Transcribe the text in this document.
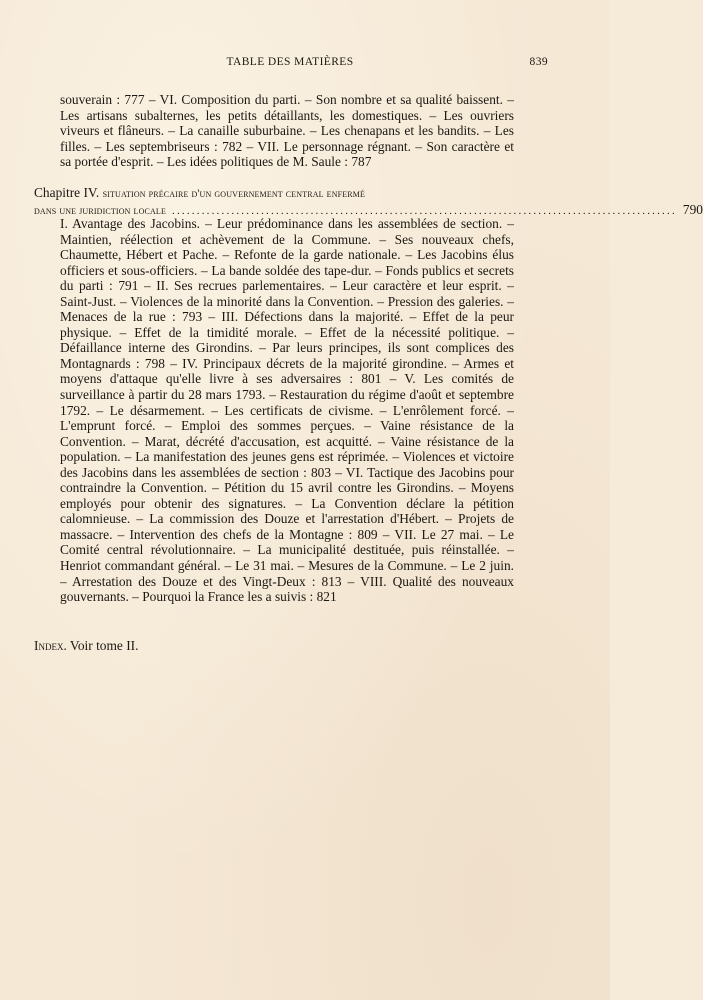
TABLE DES MATIÈRES	839

souverain : 777 – VI. Composition du parti. – Son nombre et sa qualité baissent. – Les artisans subalternes, les petits détaillants, les domestiques. – Les ouvriers viveurs et flâneurs. – La canaille suburbaine. – Les chenapans et les bandits. – Les filles. – Les septembriseurs : 782 – VII. Le personnage régnant. – Son caractère et sa portée d'esprit. – Les idées politiques de M. Saule : 787

Chapitre IV. situation précaire d'un gouvernement central enfermé
dans une juridiction locale ...................................................................................................... 790

I. Avantage des Jacobins. – Leur prédominance dans les assemblées de section. – Maintien, réélection et achèvement de la Commune. – Ses nouveaux chefs, Chaumette, Hébert et Pache. – Refonte de la garde nationale. – Les Jacobins élus officiers et sous-officiers. – La bande soldée des tape-dur. – Fonds publics et secrets du parti : 791 – II. Ses recrues parlementaires. – Leur caractère et leur esprit. – Saint-Just. – Violences de la minorité dans la Convention. – Pression des galeries. – Menaces de la rue : 793 – III. Défections dans la majorité. – Effet de la peur physique. – Effet de la timidité morale. – Effet de la nécessité politique. – Défaillance interne des Girondins. – Par leurs principes, ils sont complices des Montagnards : 798 – IV. Principaux décrets de la majorité girondine. – Armes et moyens d'attaque qu'elle livre à ses adversaires : 801 – V. Les comités de surveillance à partir du 28 mars 1793. – Restauration du régime d'août et septembre 1792. – Le désarmement. – Les certificats de civisme. – L'enrôlement forcé. – L'emprunt forcé. – Emploi des sommes perçues. – Vaine résistance de la Convention. – Marat, décrété d'accusation, est acquitté. – Vaine résistance de la population. – La manifestation des jeunes gens est réprimée. – Violences et victoire des Jacobins dans les assemblées de section : 803 – VI. Tactique des Jacobins pour contraindre la Convention. – Pétition du 15 avril contre les Girondins. – Moyens employés pour obtenir des signatures. – La Convention déclare la pétition calomnieuse. – La commission des Douze et l'arrestation d'Hébert. – Projets de massacre. – Intervention des chefs de la Montagne : 809 – VII. Le 27 mai. – Le Comité central révolutionnaire. – La municipalité destituée, puis réinstallée. – Henriot commandant général. – Le 31 mai. – Mesures de la Commune. – Le 2 juin. – Arrestation des Douze et des Vingt-Deux : 813 – VIII. Qualité des nouveaux gouvernants. – Pourquoi la France les a suivis : 821

Index. Voir tome II.
